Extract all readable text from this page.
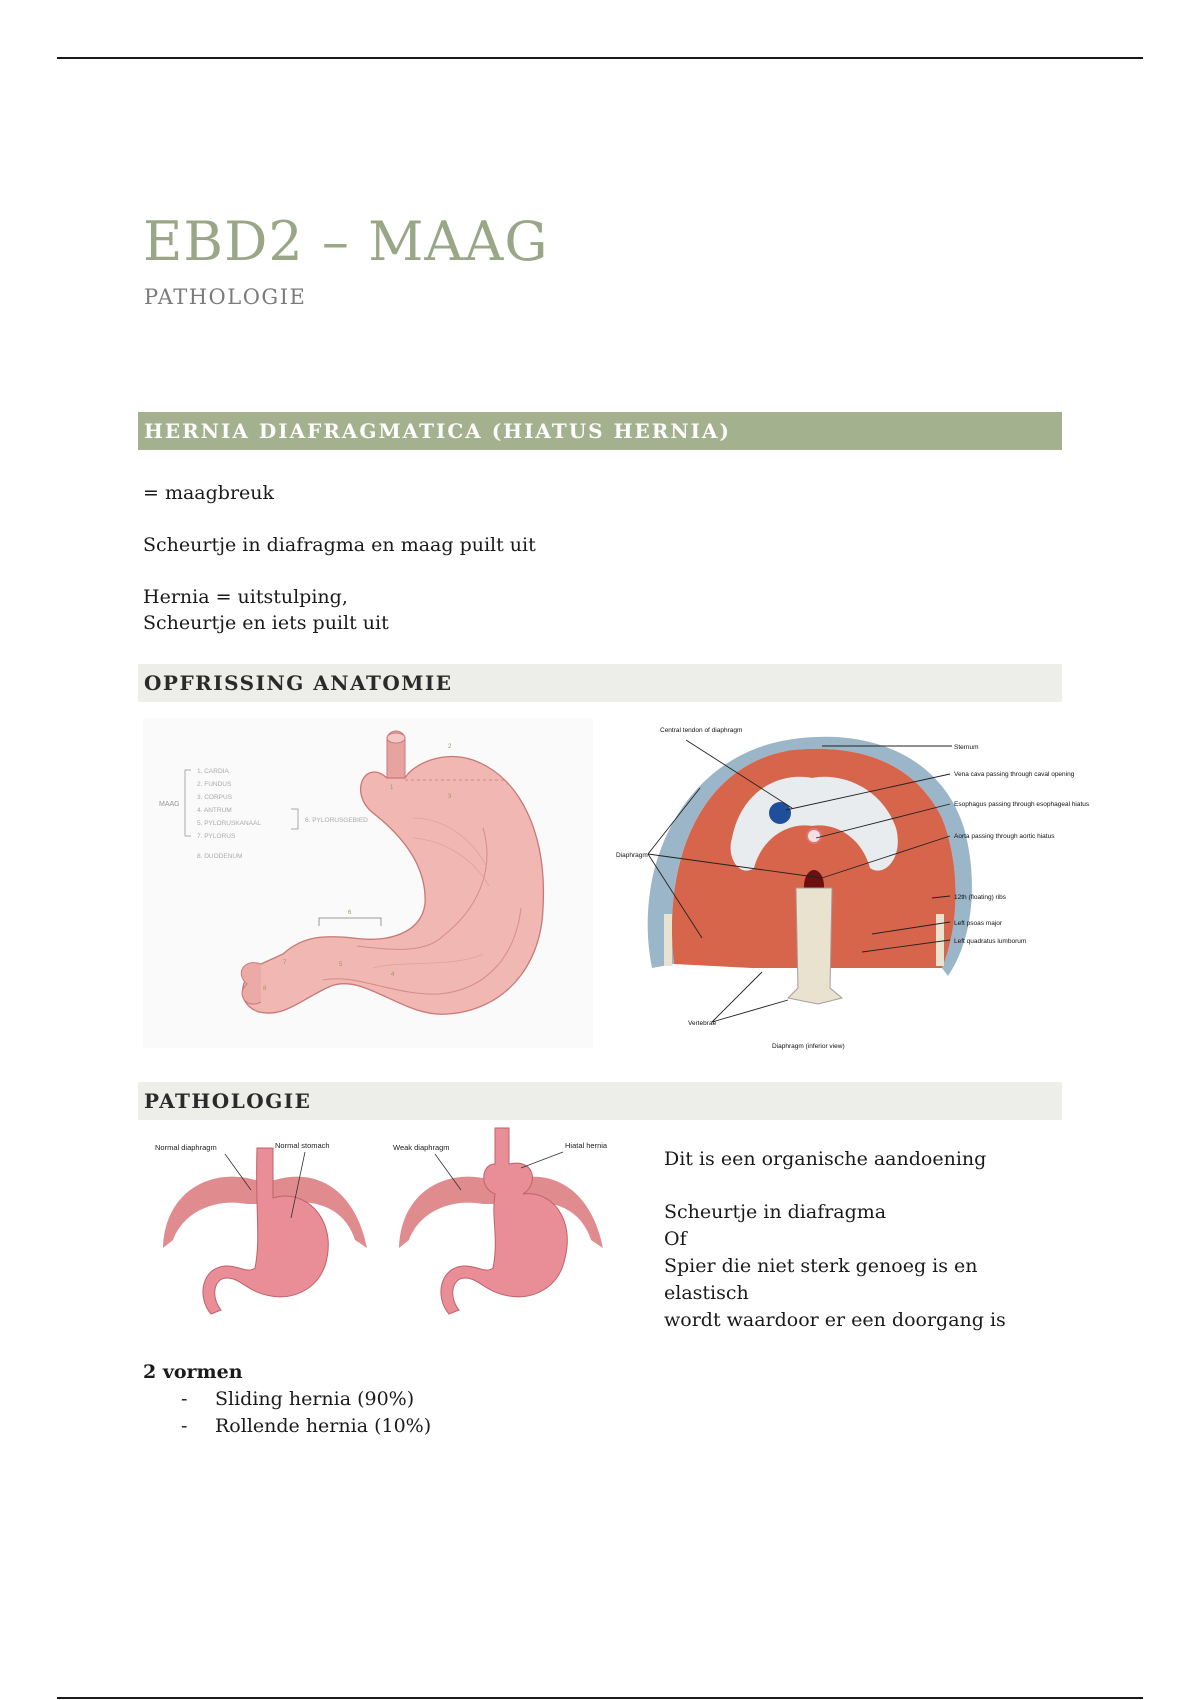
EBD2 – MAAG
PATHOLOGIE
HERNIA DIAFRAGMATICA (HIATUS HERNIA)
= maagbreuk
Scheurtje in diafragma en maag puilt uit
Hernia = uitstulping,
Scheurtje en iets puilt uit
OPFRISSING ANATOMIE
MAAG
1. CARDIA
2. FUNDUS
3. CORPUS
4. ANTRUM
5. PYLORUSKANAAL
7. PYLORUS
6. PYLORUSGEBIED
8. DUODENUM
1
2
3
4
5
6
7
8
Central tendon of diaphragm
Sternum
Vena cava passing through caval opening
Esophagus passing through esophageal hiatus
Aorta passing through aortic hiatus
12th (floating) ribs
Left psoas major
Left quadratus lumborum
Diaphragm
Vertebrae
Diaphragm (inferior view)
PATHOLOGIE
Normal diaphragm	Normal stomach	Weak diaphragm	Hiatal hernia
Dit is een organische aandoening
Scheurtje in diafragma
Of
Spier die niet sterk genoeg is en elastisch
wordt waardoor er een doorgang is
2 vormen
- Sliding hernia (90%)
- Rollende hernia (10%)
